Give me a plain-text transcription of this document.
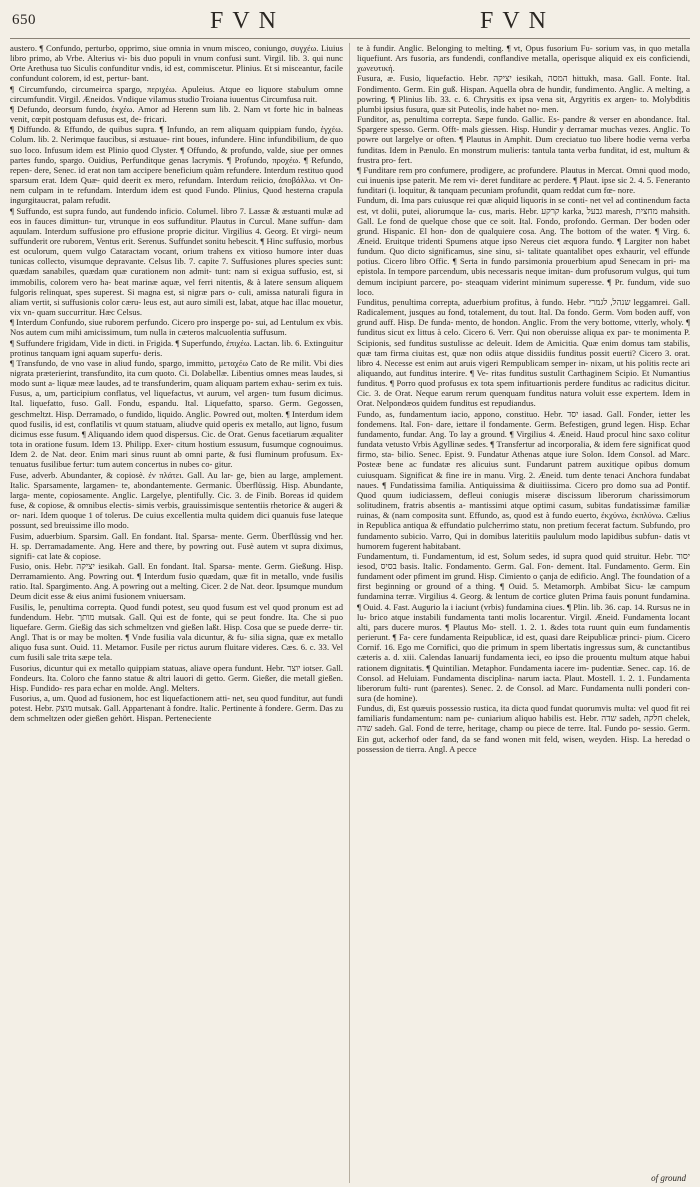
650	FVN	FVN

austero. ¶ Confundo, perturbo, opprimo, siue omnia in vnum misceo, coniungo, συγχέω. Liuius libro primo, ab Vrbe. Alterius vi- bis duo populi in vnum confusi sunt. Virgil. lib. 3. qui nunc Orte Arethusa tuo Siculis confunditur vndis, id est, commiscetur. Plinius. Et si misceantur, facile confundunt colorem, id est, pertur- bant.

¶ Circumfundo, circumeirca spargo, περιχέω. Apuleius. Atque eo liquore stabulum omne circumfundit. Virgil. Æneidos. Vndique vilamus studio Troiana iuuentus Circumfusa ruit.

¶ Defundo, deorsum fundo, ἐκχέω. Amor ad Herenn sum lib. 2. Nam vt forte hic in balneas venit, cœpit postquam defusus est, de- fricari.

¶ Diffundo. & Effundo, de quibus supra. ¶ Infundo, an rem aliquam quippiam fundo, ἐγχέω. Colum. lib. 2. Nerimque faucibus, si æstuaue- rint boues, infundere. Hinc infundibilium, de quo suo loco. Infusum idem est Plinio quod Clyster. ¶ Offundo, & profundo, valde, siue per omnes partes fundo, spargo. Ouidius, Perfunditque genas lacrymis. ¶ Profundo, προχέω. ¶ Refundo, repen- dere, Senec. id erat non tam accipere beneficium quàm refundere. Interdum restituo quod sparsum erat. Idem Quæ- quid deerit ex mero, refundam. Interdum reiicio, ἀποβάλλω. vt On- nem culpam in te refundam. Interdum idem est quod Fundo. Plinius, Quod hesterna crapula ingurgitaucrat, palam refudit.

¶ Suffundo, est supra fundo, aut fundendo inficio. Columel. libro 7. Lassæ & æstuanti mulæ ad eos in fauces dimittun- tur, vtrunque in eos suffunditur. Plautus in Curcul. Mane suffun- dam aquulam. Interdum suffusione pro effusione proprie dicitur. Virgilius 4. Georg. Et virgi- neum suffunderit ore ruborem, Ventus erit. Serenus. Suffundet sonitu hebescit. ¶ Hinc suffusio, morbus est oculorum, quem vulgo Cataractam vocant, orium trahens ex vitioso humore inter duas tunicas collecto, visumque depravante. Celsus lib. 7. capite 7. Suffusiones plures species sunt: quædam sanabiles, quædam quæ curationem non admit- tunt: nam si exigua suffusio, est, si immobilis, colorem vero ha- beat marinæ aquæ, vel ferri nitentis, & à latere sensum aliquem fulgoris relinquat, spes superest. Si magna est, si nigræ pars o- culi, amissa naturali figura in aliam vertit, si suffusionis color cæru- leus est, aut auro simili est, labat, atque hac illac mouetur, vix vn- quam succurritur. Hæc Celsus.

¶ Interdum Confundo, siue ruborem perfundo. Cicero pro insperge po- sui, ad Lentulum ex vbis. Nos autem cum mihi amicissimum, tum nulla in cæteros malcuolentia suffusum.

¶ Suffundere frigidam, Vide in dicti. in Frigida. ¶ Superfundo, ἐπιχέω. Lactan. lib. 6. Extinguitur protinus tanquam igni aquam superfu- deris.

¶ Transfundo, de vno vase in aliud fundo, spargo, immitto, μεταχέω Cato de Re milit. Vbi dies nigrata præterierint, transfundito, ita cum quoto. Ci. Dolabellæ. Libentius omnes meas laudes, si modo sunt a- liquæ meæ laudes, ad te transfunderim, quam aliquam partem exhau- serim ex tuis.

Fusus, a, um, participium conflatus, vel liquefactus, vt aurum, vel argen- tum fusum dicimus. Ital. liquefatto, fuso. Gall. Fondu, espandu. Ital. Liquefatto, sparso. Germ. Gegossen, geschmeltzt. Hisp. Derramado, o fundido, liquido. Anglic. Powred out, molten. ¶ Interdum idem quod fusilis, id est, conflatilis vt quum statuam, aliudve quid operis ex metallo, aut ligno, fusum dicimus esse fusum. ¶ Aliquando idem quod dispersus. Cic. de Orat. Genus facetiarum æqualiter tota in oratione fusum. Idem 13. Philipp. Exer- citum hostium essusum, fusumque cognouimus. Idem 2. de Nat. deor. Enim mari sinus ruunt ab omni parte, & fusi fluminum profusum. Ex- tenuatus fusilibue fertur: tum autem concertus in nubes co- gitur.

Fuse, adverb. Abundanter, & copiosè. ἐν πλάτει. Gall. Au lar- ge, bien au large, amplement. Italic. Sparsamente, largamen- te, abondantemente. Germanic. Überflüssig. Hisp. Abundante, larga- mente, copiosamente. Anglic. Largelye, plentifully. Cic. 3. de Finib. Boreas id quidem fuse, & copiose, & omnibus electis- simis verbis, grauissimisque sententiis rhetorice & augeri & or- nari. Idem quoque 1 of tolerus. De cuius excellentia multa quidem dici quanuis fuse lateque possunt, sed breuissime illo modo.

Fusim, aduerbium. Sparsim. Gall. En fondant. Ital. Sparsa- mente. Germ. Überflüssig vnd her. H. sp. Derramadamente. Ang. Here and there, by powring out. Fusè autem vt supra diximus, signifi- cat late & copiose.

Fusio, onis. Hebr. יציקה iesikah. Gall. En fondant. Ital. Sparsa- mente. Germ. Gießung. Hisp. Derramamiento. Ang. Powring out. ¶ Interdum fusio quædam, quæ fit in metallo, vnde fusilis ratio. Ital. Spargimento. Ang. A powring out a melting. Cicer. 2 de Nat. deor. Ipsumque mundum Deum dicit esse & eius animi fusionem vniuersam.

Fusilis, le, penultima correpta. Quod fundi potest, seu quod fusum est vel quod pronum est ad fundendum. Hebr. מותך mutsak. Gall. Qui est de fonte, qui se peut fondre. Ita. Che si puo liquefare. Germ. Gießig das sich schmeltzen vnd gießen laßt. Hisp. Cosa que se puede derre- tir. Angl. That is or may be molten. ¶ Vnde fusilia vala dicuntur, & fu- silia signa, quæ ex metallo aliquo fusa sunt. Ouid. 11. Metamor. Fusile per rictus aurum fluitare videres. Cæs. 6. c. 33. Vel cum fusili sale trita sæpe tela.

Fusorius, dicuntur qui ex metallo quippiam statuas, aliave opera fundunt. Hebr. יוצר iotser. Gall. Fondeurs. Ita. Coloro che fanno statue & altri lauori di getto. Germ. Gießer, die metall gießen. Hisp. Fundido- res para echar en molde. Angl. Melters.

Fusorius, a, um. Quod ad fusionem, hoc est liquefactionem atti- net, seu quod funditur, aut fundi potest. Hebr. מוצק mutsak. Gall. Appartenant à fondre. Italic. Pertinente à fondere. Germ. Das zu dem schmeltzen oder gießen gehört. Hispan. Perteneciente

te à fundir. Anglic. Belonging to melting. ¶ vt, Opus fusorium Fu- sorium vas, in quo metalla liquefiunt. Ars fusoria, ars fundendi, conflandive metalla, operisque aliquid ex eis conficiendi, χωνευτική.

Fusura, æ. Fusio, liquefactio. Hebr. יציקה iesikah, המסה hittukh, masa. Gall. Fonte. Ital. Fondimento. Germ. Ein guß. Hispan. Aquella obra de hundir, fundimento. Anglic. A melting, a powring. ¶ Plinius lib. 33. c. 6. Chrysitis ex ipsa vena sit, Argyritis ex argen- to. Molybditis plumbi ipsius fusura, quæ sit Puteolis, inde habet no- men.

Funditor, as, penultima correpta. Sæpe fundo. Gallic. Es- pandre & verser en abondance. Ital. Spargere spesso. Germ. Offt- mals giessen. Hisp. Hundir y derramar muchas vezes. Anglic. To powre out largelye or often. ¶ Plautus in Amphit. Dum creciatuo tuo libere hodie verna verba funditas. Idem in Pænulo. En monstrum mulieris: tantula tanta verba funditat, id est, multum & frustra pro- fert.

¶ Funditare rem pro confumere, prodigere, ac profundere. Plautus in Mercat. Omni quod modo, cui inuenis ipse paterit. Me rem vi- deret funditare ac perdere. ¶ Plaut. ipse sic 2. 4. 5. Feneranto funditari (i. loquitur, & tanquam pecuniam profundit, quam reddat cum fœ- nore.

Fundum, di. Ima pars cuiusque rei quæ aliquid liquoris in se conti- net vel ad continendum facta est, vt dolii, putei, aliorumque la- cus, maris. Hebr. קרקע karka, גבעל maresh, מחצית mahsith. Gall. Le fond de quelque chose que ce soit. Ital. Fondo, profondo. German. Der boden oder grund. Hispanic. El hon- don de qualquiere cosa. Ang. The bottom of the water. ¶ Virg. 6. Æneid. Eruitque tridenti Spumens atque ipso Nereus ciet æquora fundo. ¶ Largiter non habet fundum. Quo dicto significamus, sine sinu, si- talitate quantalibet opes exhaurir, vel effunde potius. Cicero libro Offic. ¶ Serta in fundo parsimonia prouerbium apud Senecam in pri- ma epistola. In tempore parcendum, ubis necessaris neque imitan- dum profusorum vulgus, qui tum demum incipiunt parcere, po- steaquam viderint minimum superesse. ¶ Pr. fundum, vide suo loco.

Funditus, penultima correpta, aduerbium profitus, à fundo. Hebr. שנהל, לגמרי leggamrei. Gall. Radicalement, jusques au fond, totalement, du tout. Ital. Da fondo. Germ. Vom boden auff, von grund auff. Hisp. De funda- mento, de hondon. Anglic. From the very bottome, vtterly, wholy. ¶ funditus sicut ex littus à celo. Cicero 6. Verr. Qui non oberuisse aliqua ex par- te monimenta P. Scipionis, sed funditus sustulisse ac deleuit. Idem de Amicitia. Quæ enim domus tam stabilis, quæ tam firma ciuitas est, quæ non odiis atque dissidiis funditus possit euerti? Cicero 3. orat. libro 4. Necesse est enim aut aruis vigeri Rempublicam semper in- nixam, ut his politis recte ari aliquando, aut funditus interire. ¶ Ve- ritas funditus sustulit Carthaginem Scipio. Et Numantius funditus. ¶ Porro quod profusus ex tota spem infituartionis perdere funditus ac radicitus dicitur. Cic. 3. de Orat. Neque earum rerum quenquam funditus natura voluit esse expertem. Idem in Orat. Nelpondæos quidem funditus est repudiandus.

Fundo, as, fundamentum iacio, appono, constituo. Hebr. יסד iasad. Gall. Fonder, ietter les fondemens. Ital. Fon- dare, iettare il fondamente. Germ. Befestigen, grund legen. Hisp. Echar fundamento, fundar. Ang. To lay a ground. ¶ Virgilius 4. Æneid. Haud procul hinc saxo colitur fundata vetusto Vrbis Agyllinæ sedes. ¶ Transfertur ad incorporalia, & idem fere significat quod firmo, sta- bilio. Senec. Epist. 9. Fundatur Athenas atque iure Solon. Idem Consol. ad Marc. Posteæ bene ac fundatæ res alicuius sunt. Fundarunt patrem auxitique opibus domum cuiusquam. Significat & fine ire in manu. Virg. 2. Æneid. tum dente tenaci Anchora fundabat naues. ¶ Fundatissima familia. Antiquissima & diuitiissima. Cicero pro domo sua ad Pontif. Quod quum iudiciassem, defleui coniugis miseræ discissum liberorum charissimorum solitudinem, fratris absentis a- mantissimi atque optimi casum, subitas fundatissimæ familiæ ruinas, & (nam composita sunt. Effundo, as, quod est à fundo euerto, ἐκχύνω, ἐκπλύνω. Cælius in Republica antiqua & effundatio pulcherrimo statu, non pretium fecerat factum. Subfundo, pro fundamento subicio. Varro, Qui in domibus lateritiis paululum modo lapidibus subfun- datis vt humorem fugerent habitabant.

Fundamentum, ti. Fundamentum, id est, Solum sedes, id supra quod quid struitur. Hebr. יסוד iesod, בסיס basis. Italic. Fondamento. Germ. Gal. Fon- dement. Ital. Fundamento. Germ. Ein fundament oder pfiment im grund. Hisp. Cimiento o çanja de edificio. Angl. The foundation of a first beginning or ground of a thing. ¶ Ouid. 5. Metamorph. Ambibat Sicu- læ campum fundamina terræ. Virgilius 4. Georg. & lentum de cortice gluten Prima fauis ponunt fundamina. ¶ Ouid. 4. Fast. Augurio la i iaciunt (vrbis) fundamina ciues. ¶ Plin. lib. 36. cap. 14. Rursus ne in lu- brico atque instabili fundamenta tanti molis locarentur. Virgil. Æneid. Fundamenta locant alti, pars ducere muros. ¶ Plautus Mo- stell. 1. 2. 1. &des tota ruunt quin eum fundamentis perierunt. ¶ Fa- cere fundamenta Reipublicæ, id est, quasi dare Reipublicæ princi- pium. Cicero Cornif. 16. Ego me Cornifici, quo die primum in spem libertatis ingressus sum, & cunctantibus cæteris a. d. xiii. Calendas Ianuarij fundamenta ieci, eo ipso die prouentu multum atque habui rationem dignitatis. ¶ Quintilian. Metaphor. Fundamenta iacere im- pudentiæ. Senec. cap. 16. de Consol. ad Heluiam. Fundamenta disciplina- narum iacta. Plaut. Mostell. 1. 2. 1. Fundamenta liberorum fulti- runt (parentes). Senec. 2. de Consol. ad Marc. Fundamenta nulli ponderi con- sura (de homine).

Fundus, di, Est quæuis possessio rustica, ita dicta quod fundat quorumvis multa: vel quod fit rei familiaris fundamentum: nam pe- cuniarium aliquo habilis est. Hebr. שדה sadeh, חלקה chelek, שדה sadeh. Gal. Fond de terre, heritage, champ ou piece de terre. Ital. Fundo po- sessio. Germ. Ein gut, ackerhof oder fand, da se fand wonen mit feld, wisen, weyden. Hisp. La heredad o possession de tierra. Angl. A pecce

of ground
